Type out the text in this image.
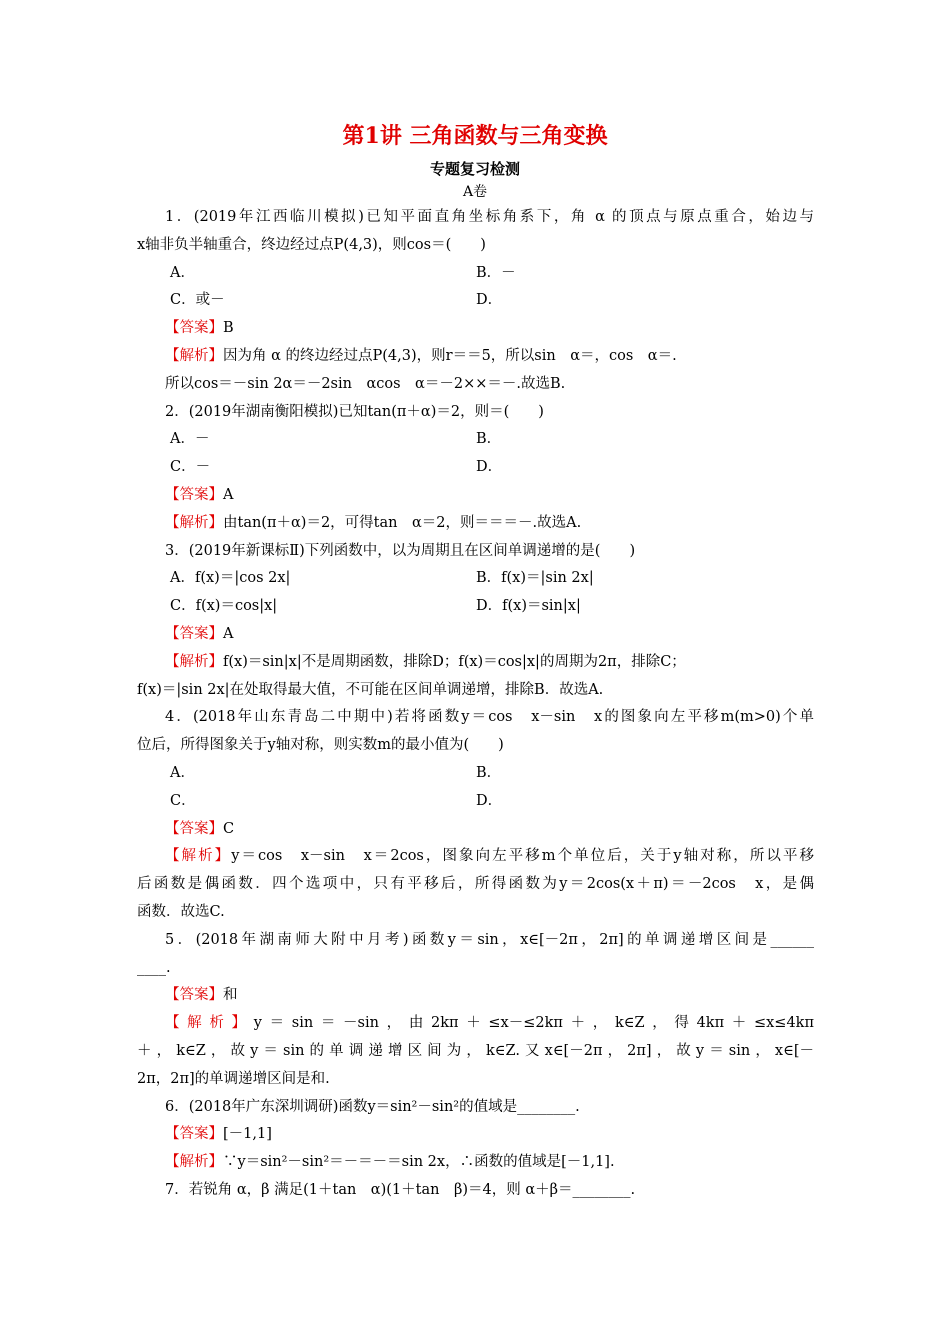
第1讲 三角函数与三角变换
专题复习检测
A卷
1．(2019年江西临川模拟)已知平面直角坐标角系下，角 α 的顶点与原点重合，始边与
x轴非负半轴重合，终边经过点P(4,3)，则cos＝(　　)
A．	B．－
C．或－	D．
【答案】B
【解析】因为角 α 的终边经过点P(4,3)，则r＝＝5，所以sin　α＝，cos　α＝.
所以cos＝－sin 2α＝－2sin　αcos　α＝－2××＝－.故选B.
2．(2019年湖南衡阳模拟)已知tan(π＋α)＝2，则＝(　　)
A．－	B．
C．－	D．
【答案】A
【解析】由tan(π＋α)＝2，可得tan　α＝2，则＝＝＝－.故选A.
3．(2019年新课标Ⅱ)下列函数中，以为周期且在区间单调递增的是(　　)
A．f(x)＝|cos 2x|	B．f(x)＝|sin 2x|
C．f(x)＝cos|x|	D．f(x)＝sin|x|
【答案】A
【解析】f(x)＝sin|x|不是周期函数，排除D；f(x)＝cos|x|的周期为2π，排除C；
f(x)＝|sin 2x|在处取得最大值，不可能在区间单调递增，排除B．故选A.
4．(2018年山东青岛二中期中)若将函数y＝cos　x－sin　x的图象向左平移m(m>0)个单
位后，所得图象关于y轴对称，则实数m的最小值为(　　)
A．	B．
C．	D．
【答案】C
【解析】y＝cos　x－sin　x＝2cos，图象向左平移m个单位后，关于y轴对称，所以平移
后函数是偶函数．四个选项中，只有平移后，所得函数为y＝2cos(x＋π)＝－2cos　x，是偶
函数．故选C.
5．(2018年湖南师大附中月考)函数y＝sin，x∈[－2π，2π]的单调递增区间是______
____.
【答案】和
【解析】y＝sin＝－sin，由2kπ＋≤x－≤2kπ＋，k∈Z，得4kπ＋≤x≤4kπ
＋，k∈Z，故y＝sin的单调递增区间为，k∈Z.又x∈[－2π，2π]，故y＝sin，x∈[－
2π，2π]的单调递增区间是和.
6．(2018年广东深圳调研)函数y＝sin²－sin²的值域是________.
【答案】[－1,1]
【解析】∵y＝sin²－sin²＝－＝－＝sin 2x，∴函数的值域是[－1,1].
7．若锐角 α，β 满足(1＋tan　α)(1＋tan　β)＝4，则 α＋β＝________.
